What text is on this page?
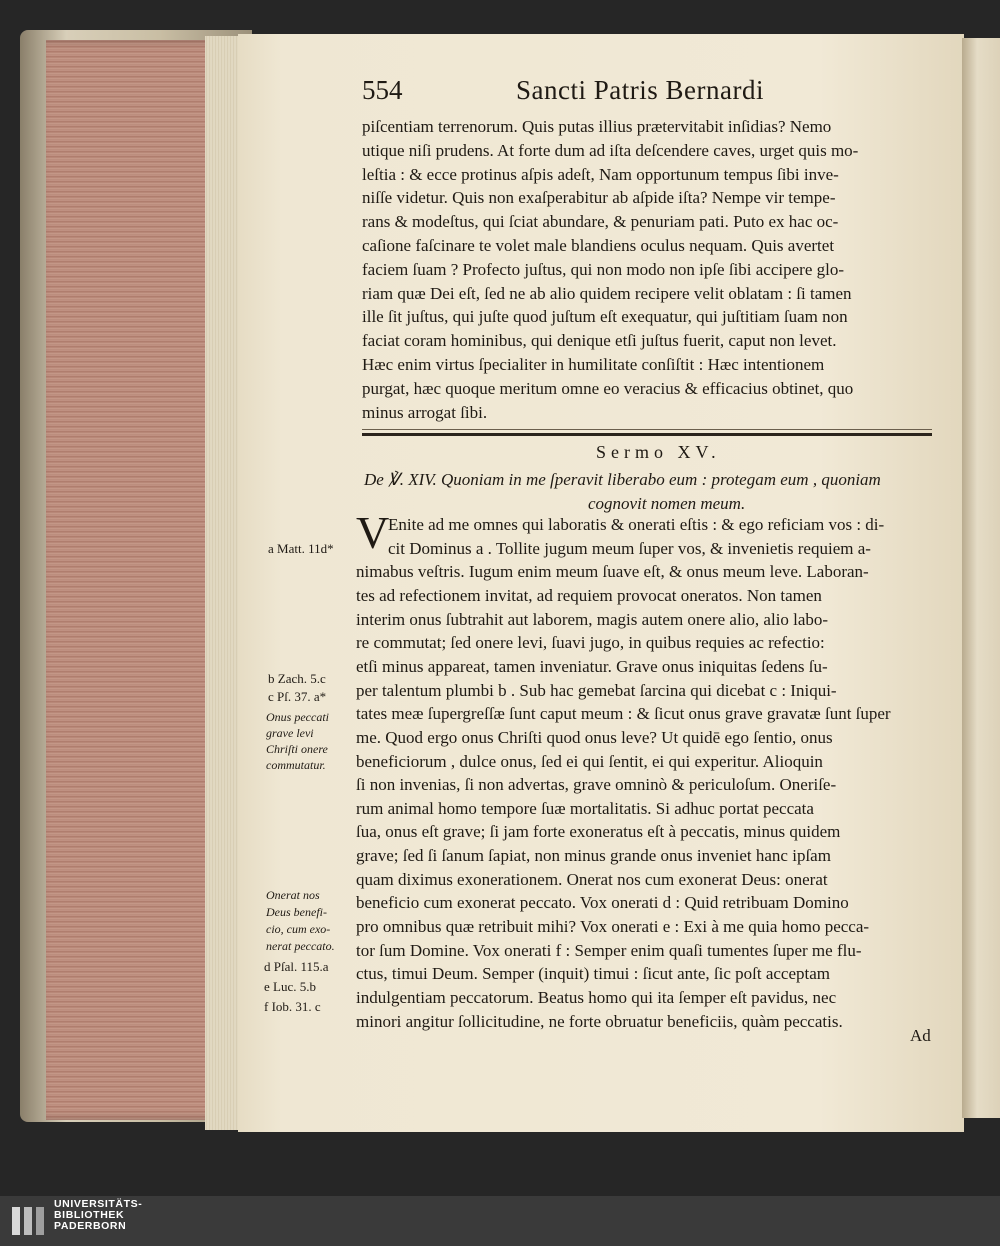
554	Sancti Patris Bernardi
piſcentiam terrenorum. Quis putas illius prætervitabit inſidias? Nemo
utique niſi prudens. At forte dum ad iſta deſcendere caves, urget quis mo-
leſtia : & ecce protinus aſpis adeſt, Nam opportunum tempus ſibi inve-
niſſe videtur. Quis non exaſperabitur ab aſpide iſta? Nempe vir tempe-
rans & modeſtus, qui ſciat abundare, & penuriam pati. Puto ex hac oc-
caſione faſcinare te volet male blandiens oculus nequam. Quis avertet
faciem ſuam ? Profecto juſtus, qui non modo non ipſe ſibi accipere glo-
riam quæ Dei eſt, ſed ne ab alio quidem recipere velit oblatam : ſi tamen
ille ſit juſtus, qui juſte quod juſtum eſt exequatur, qui juſtitiam ſuam non
faciat coram hominibus, qui denique etſi juſtus fuerit, caput non levet.
Hæc enim virtus ſpecialiter in humilitate conſiſtit : Hæc intentionem
purgat, hæc quoque meritum omne eo veracius & efficacius obtinet, quo
minus arrogat ſibi.
Sermo XV.
De ℣. XIV. Quoniam in me ſperavit liberabo eum : protegam eum , quoniam
cognovit nomen meum.
V
Enite ad me omnes qui laboratis & onerati eſtis : & ego reficiam vos : di-
cit Dominus a . Tollite jugum meum ſuper vos, & invenietis requiem a-
nimabus veſtris. Iugum enim meum ſuave eſt, & onus meum leve. Laboran-
tes ad refectionem invitat, ad requiem provocat oneratos. Non tamen
interim onus ſubtrahit aut laborem, magis autem onere alio, alio labo-
re commutat; ſed onere levi, ſuavi jugo, in quibus requies ac refectio:
etſi minus appareat, tamen inveniatur. Grave onus iniquitas ſedens ſu-
per talentum plumbi b . Sub hac gemebat ſarcina qui dicebat c : Iniqui-
tates meæ ſupergreſſæ ſunt caput meum : & ſicut onus grave gravatæ ſunt ſuper
me. Quod ergo onus Chriſti quod onus leve? Ut quidē ego ſentio, onus
beneficiorum , dulce onus, ſed ei qui ſentit, ei qui experitur. Alioquin
ſi non invenias, ſi non advertas, grave omninò & periculoſum. Oneriſe-
rum animal homo tempore ſuæ mortalitatis. Si adhuc portat peccata
ſua, onus eſt grave; ſi jam forte exoneratus eſt à peccatis, minus quidem
grave; ſed ſi ſanum ſapiat, non minus grande onus inveniet hanc ipſam
quam diximus exonerationem. Onerat nos cum exonerat Deus: onerat
beneficio cum exonerat peccato. Vox onerati d : Quid retribuam Domino
pro omnibus quæ retribuit mihi? Vox onerati e : Exi à me quia homo pecca-
tor ſum Domine. Vox onerati f : Semper enim quaſi tumentes ſuper me flu-
ctus, timui Deum. Semper (inquit) timui : ſicut ante, ſic poſt acceptam
indulgentiam peccatorum. Beatus homo qui ita ſemper eſt pavidus, nec
minori angitur ſollicitudine, ne forte obruatur beneficiis, quàm peccatis.
Ad
a Matt. 11d*
b Zach. 5.c
c Pſ. 37. a*
Onus peccati
grave levi
Chriſti onere
commutatur.
Onerat nos
Deus benefi-
cio, cum exo-
nerat peccato.
d Pſal. 115.a
e Luc. 5.b
f Iob. 31. c
UNIVERSITÄTS-
BIBLIOTHEK
PADERBORN
